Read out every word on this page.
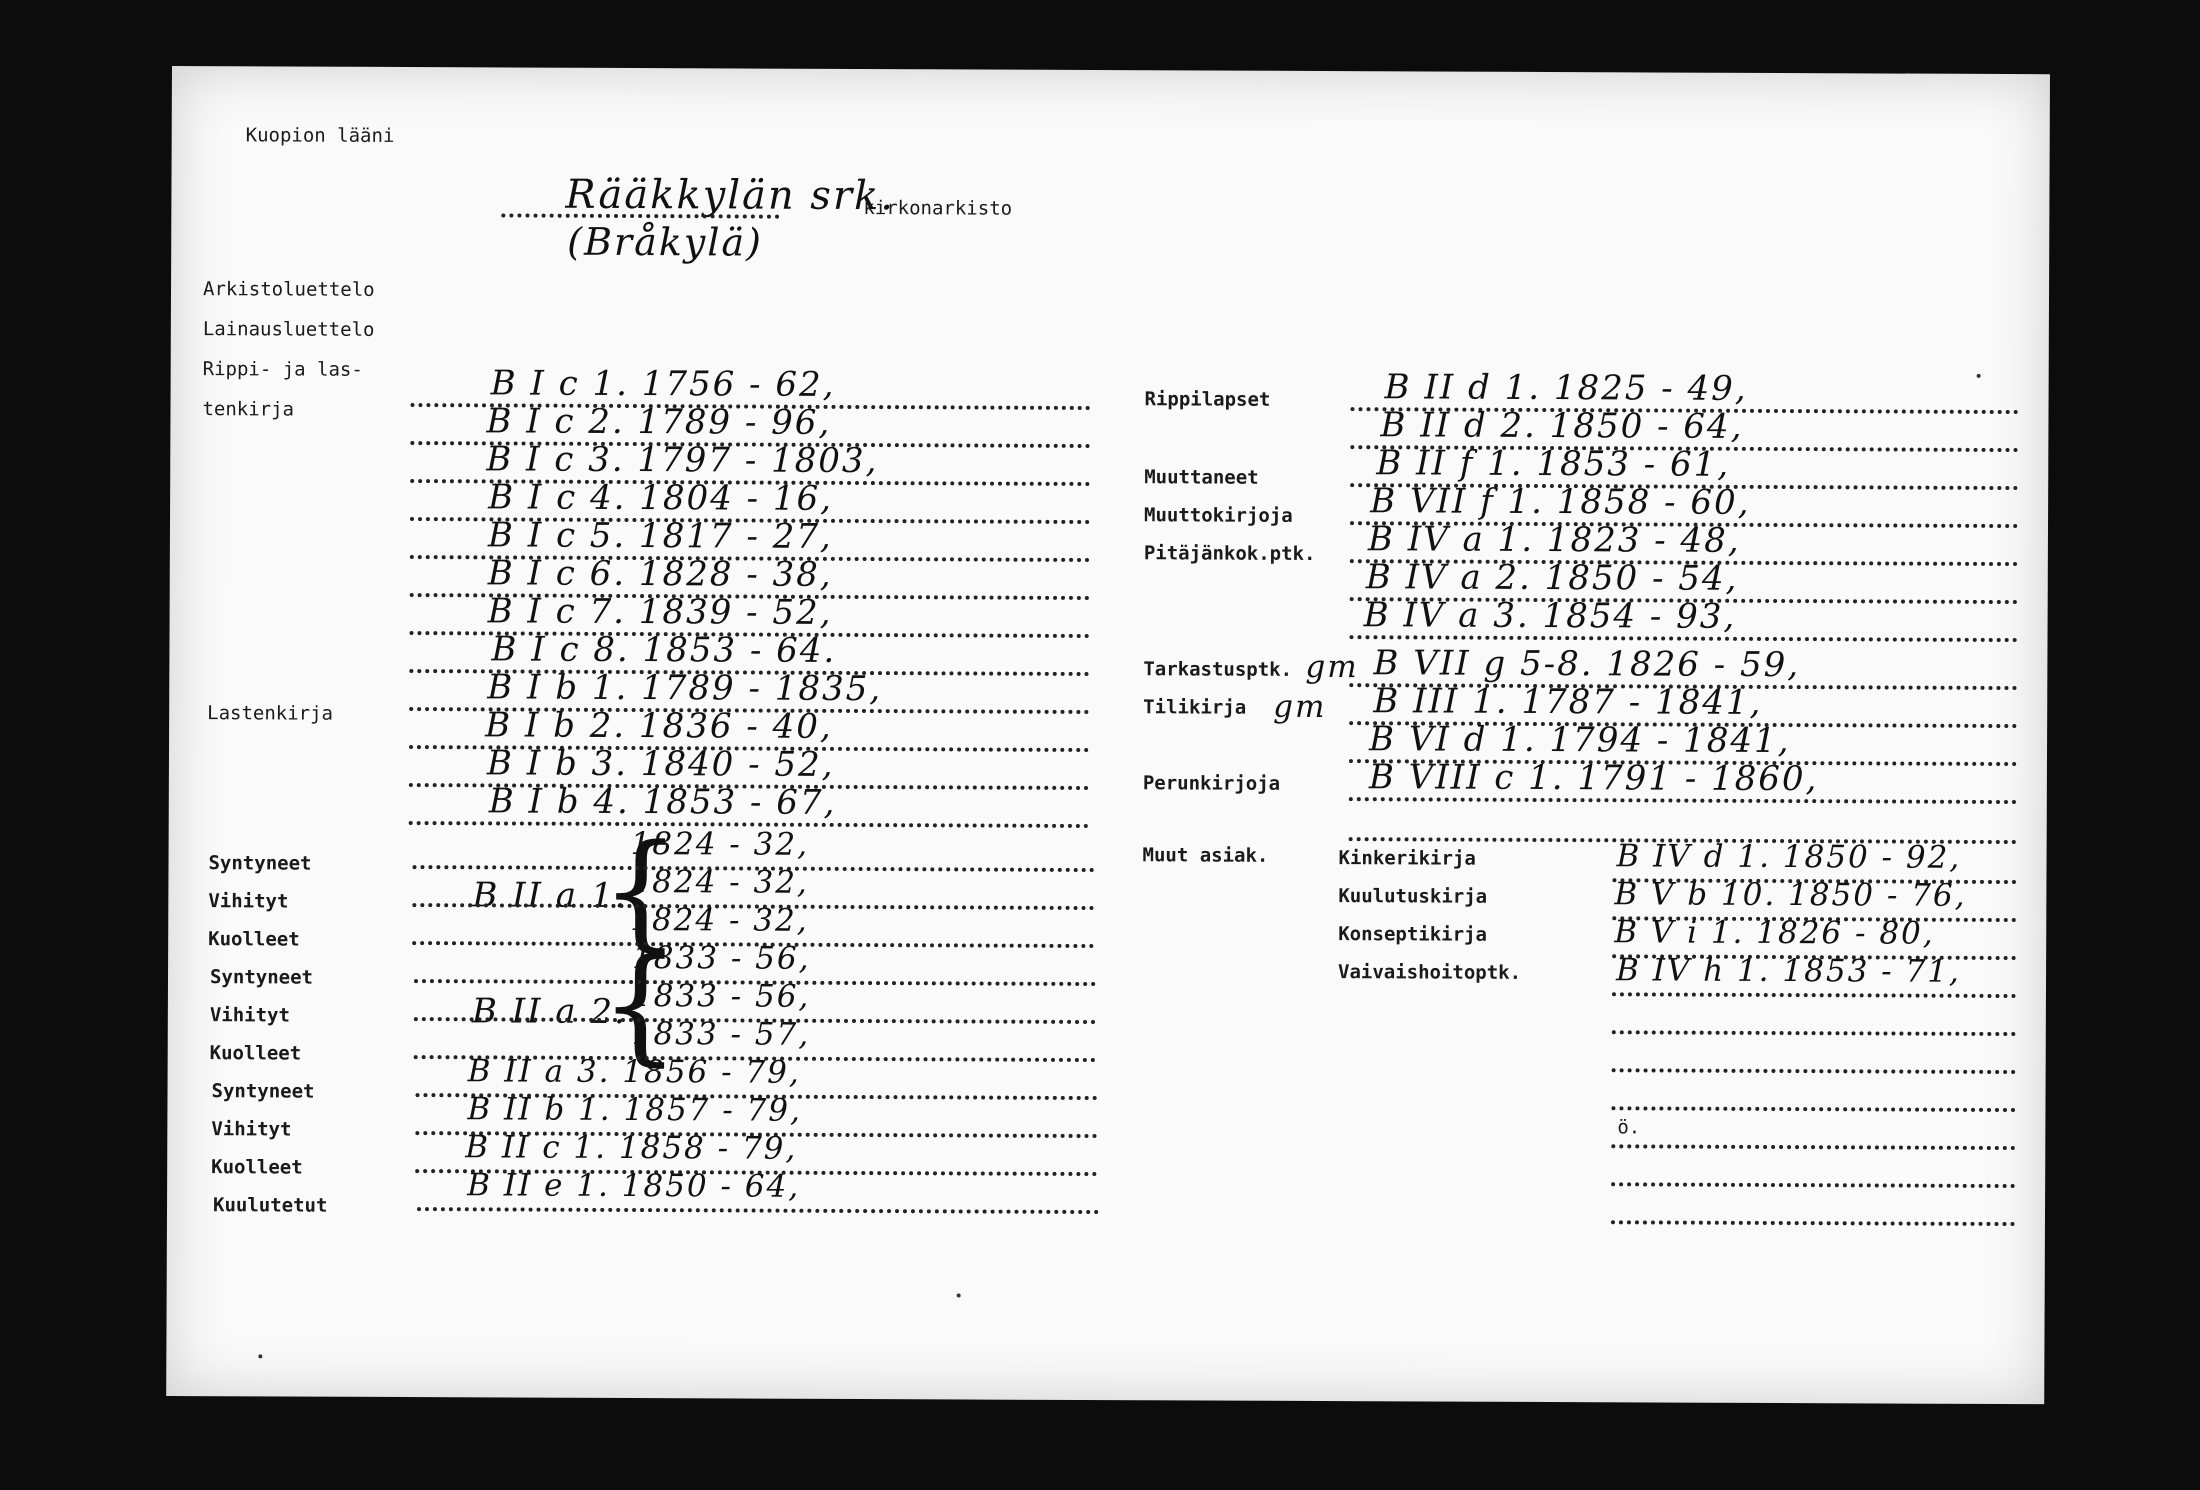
Kuopion lääni
Rääkkylän srk.
kirkonarkisto
(Bråkylä)
Arkistoluettelo
Lainausluettelo
Rippi- ja las-
tenkirja
Lastenkirja
B I c 1. 1756 - 62,
B I c 2. 1789 - 96,
B I c 3. 1797 - 1803,
B I c 4. 1804 - 16,
B I c 5. 1817 - 27,
B I c 6. 1828 - 38,
B I c 7. 1839 - 52,
B I c 8. 1853 - 64.
B I b 1. 1789 - 1835,
B I b 2. 1836 - 40,
B I b 3. 1840 - 52,
B I b 4. 1853 - 67,
Syntyneet
Vihityt
Kuolleet
Syntyneet
Vihityt
Kuolleet
Syntyneet
Vihityt
Kuolleet
Kuulutetut
B II a 1.
{
1824 - 32,
1824 - 32,
1824 - 32,
B II a 2.
{
1833 - 56,
1833 - 56,
1833 - 57,
B II a 3. 1856 - 79,
B II b 1. 1857 - 79,
B II c 1. 1858 - 79,
B II e 1. 1850 - 64,
Rippilapset
Muuttaneet
Muuttokirjoja
Pitäjänkok.ptk.
Tarkastusptk. gm
Tilikirja gm
Perunkirjoja
Muut asiak.
B II d 1. 1825 - 49,
B II d 2. 1850 - 64,
B II f 1. 1853 - 61,
B VII f 1. 1858 - 60,
B IV a 1. 1823 - 48,
B IV a 2. 1850 - 54,
B IV a 3. 1854 - 93,
B VII g 5-8. 1826 - 59,
B III 1. 1787 - 1841,
B VI d 1. 1794 - 1841,
B VIII c 1. 1791 - 1860,
Kinkerikirja
Kuulutuskirja
Konseptikirja
Vaivaishoitoptk.
B IV d 1. 1850 - 92,
B V b 10. 1850 - 76,
B V i 1. 1826 - 80,
B IV h 1. 1853 - 71,
ö.
